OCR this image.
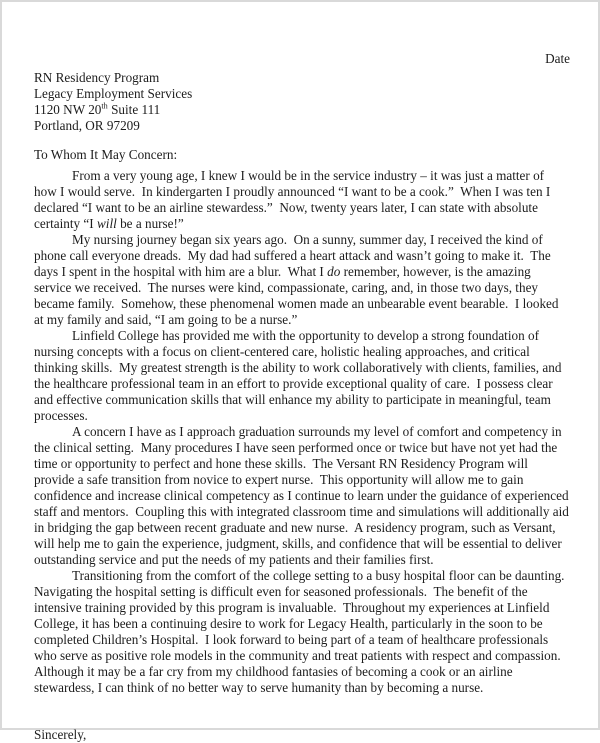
Date

RN Residency Program

Legacy Employment Services

1120 NW 20th Suite 111

Portland, OR 97209

To Whom It May Concern:

From a very young age, I knew I would be in the service industry – it was just a matter of how I would serve.  In kindergarten I proudly announced “I want to be a cook.”  When I was ten I declared “I want to be an airline stewardess.”  Now, twenty years later, I can state with absolute certainty “I will be a nurse!”

My nursing journey began six years ago.  On a sunny, summer day, I received the kind of phone call everyone dreads.  My dad had suffered a heart attack and wasn’t going to make it.  The days I spent in the hospital with him are a blur.  What I do remember, however, is the amazing service we received.  The nurses were kind, compassionate, caring, and, in those two days, they became family.  Somehow, these phenomenal women made an unbearable event bearable.  I looked at my family and said, “I am going to be a nurse.”

Linfield College has provided me with the opportunity to develop a strong foundation of nursing concepts with a focus on client-centered care, holistic healing approaches, and critical thinking skills.  My greatest strength is the ability to work collaboratively with clients, families, and the healthcare professional team in an effort to provide exceptional quality of care.  I possess clear and effective communication skills that will enhance my ability to participate in meaningful, team processes.

A concern I have as I approach graduation surrounds my level of comfort and competency in the clinical setting.  Many procedures I have seen performed once or twice but have not yet had the time or opportunity to perfect and hone these skills.  The Versant RN Residency Program will provide a safe transition from novice to expert nurse.  This opportunity will allow me to gain confidence and increase clinical competency as I continue to learn under the guidance of experienced staff and mentors.  Coupling this with integrated classroom time and simulations will additionally aid in bridging the gap between recent graduate and new nurse.  A residency program, such as Versant, will help me to gain the experience, judgment, skills, and confidence that will be essential to deliver outstanding service and put the needs of my patients and their families first.

Transitioning from the comfort of the college setting to a busy hospital floor can be daunting.  Navigating the hospital setting is difficult even for seasoned professionals.  The benefit of the intensive training provided by this program is invaluable.  Throughout my experiences at Linfield College, it has been a continuing desire to work for Legacy Health, particularly in the soon to be completed Children’s Hospital.  I look forward to being part of a team of healthcare professionals who serve as positive role models in the community and treat patients with respect and compassion. Although it may be a far cry from my childhood fantasies of becoming a cook or an airline stewardess, I can think of no better way to serve humanity than by becoming a nurse.

Sincerely,
